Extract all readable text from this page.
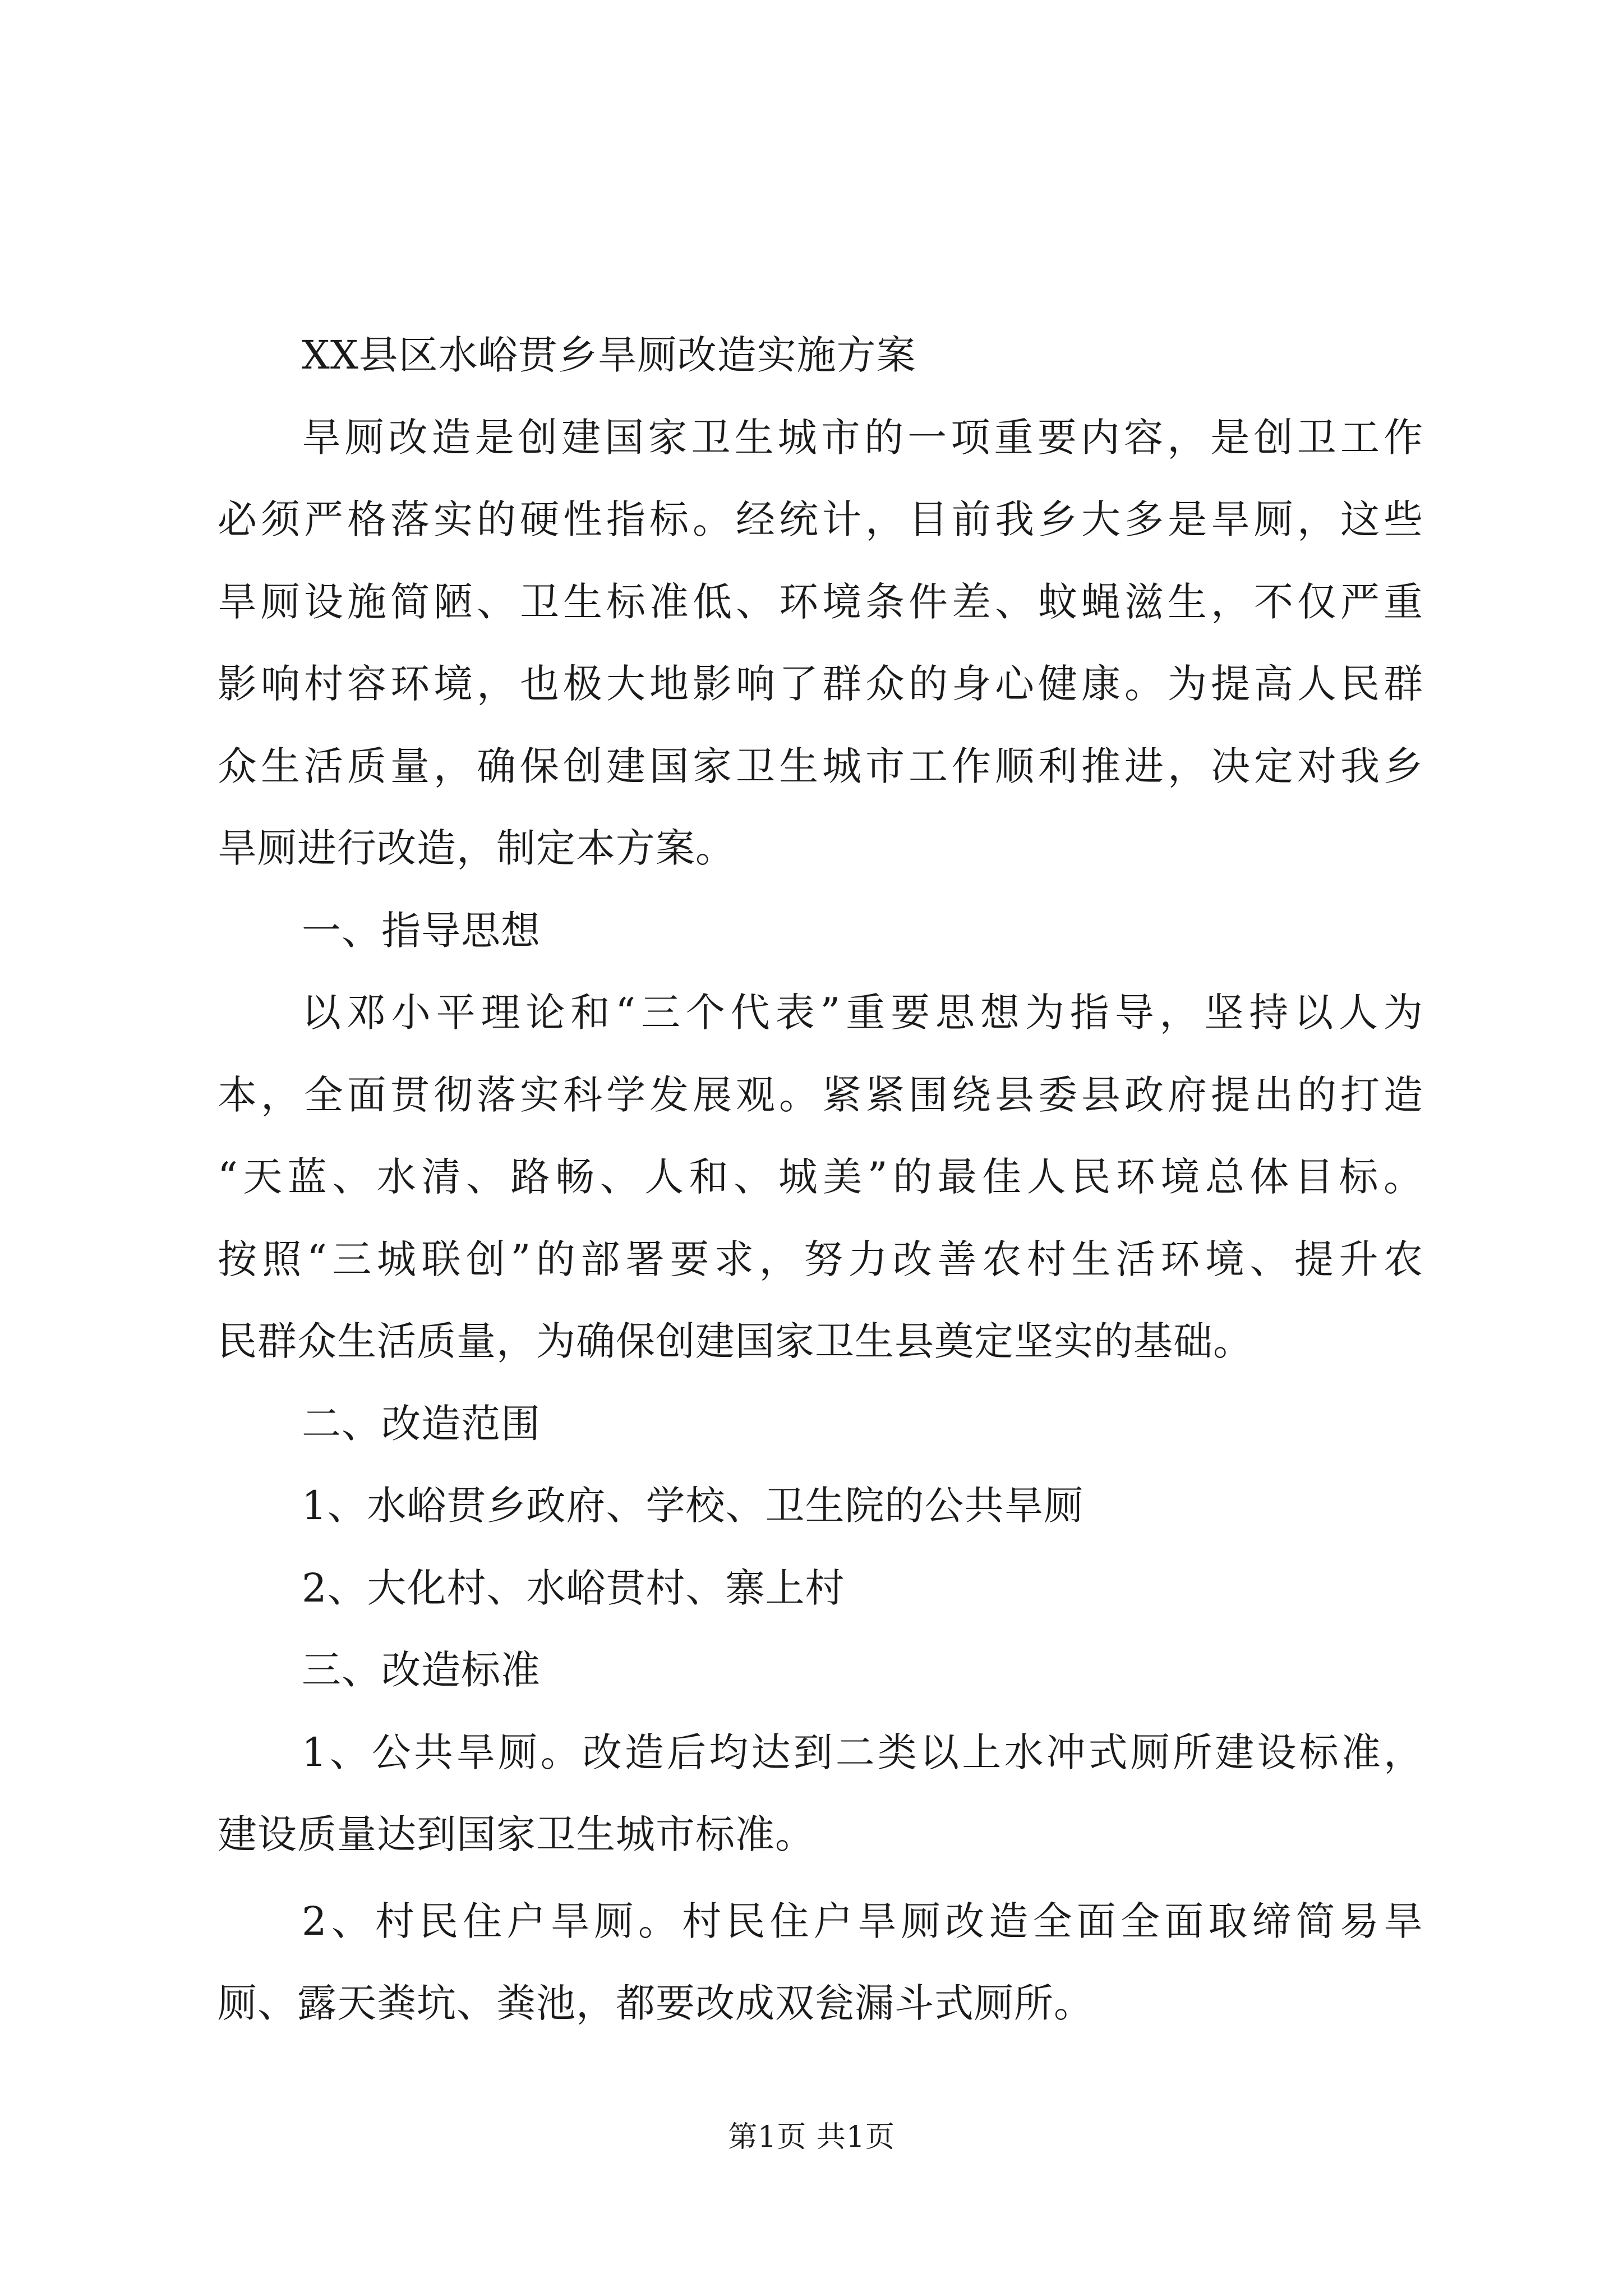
XX县区水峪贯乡旱厕改造实施方案
旱厕改造是创建国家卫生城市的一项重要内容，是创卫工作
必须严格落实的硬性指标。经统计，目前我乡大多是旱厕，这些
旱厕设施简陋、卫生标准低、环境条件差、蚊蝇滋生，不仅严重
影响村容环境，也极大地影响了群众的身心健康。为提高人民群
众生活质量，确保创建国家卫生城市工作顺利推进，决定对我乡
旱厕进行改造，制定本方案。
一、指导思想
以邓小平理论和“三个代表”重要思想为指导，坚持以人为
本，全面贯彻落实科学发展观。紧紧围绕县委县政府提出的打造
“天蓝、水清、路畅、人和、城美”的最佳人民环境总体目标。
按照“三城联创”的部署要求，努力改善农村生活环境、提升农
民群众生活质量，为确保创建国家卫生县奠定坚实的基础。
二、改造范围
1、水峪贯乡政府、学校、卫生院的公共旱厕
2、大化村、水峪贯村、寨上村
三、改造标准
1、公共旱厕。改造后均达到二类以上水冲式厕所建设标准，
建设质量达到国家卫生城市标准。
2、村民住户旱厕。村民住户旱厕改造全面全面取缔简易旱
厕、露天粪坑、粪池，都要改成双瓮漏斗式厕所。
第1页 共1页
